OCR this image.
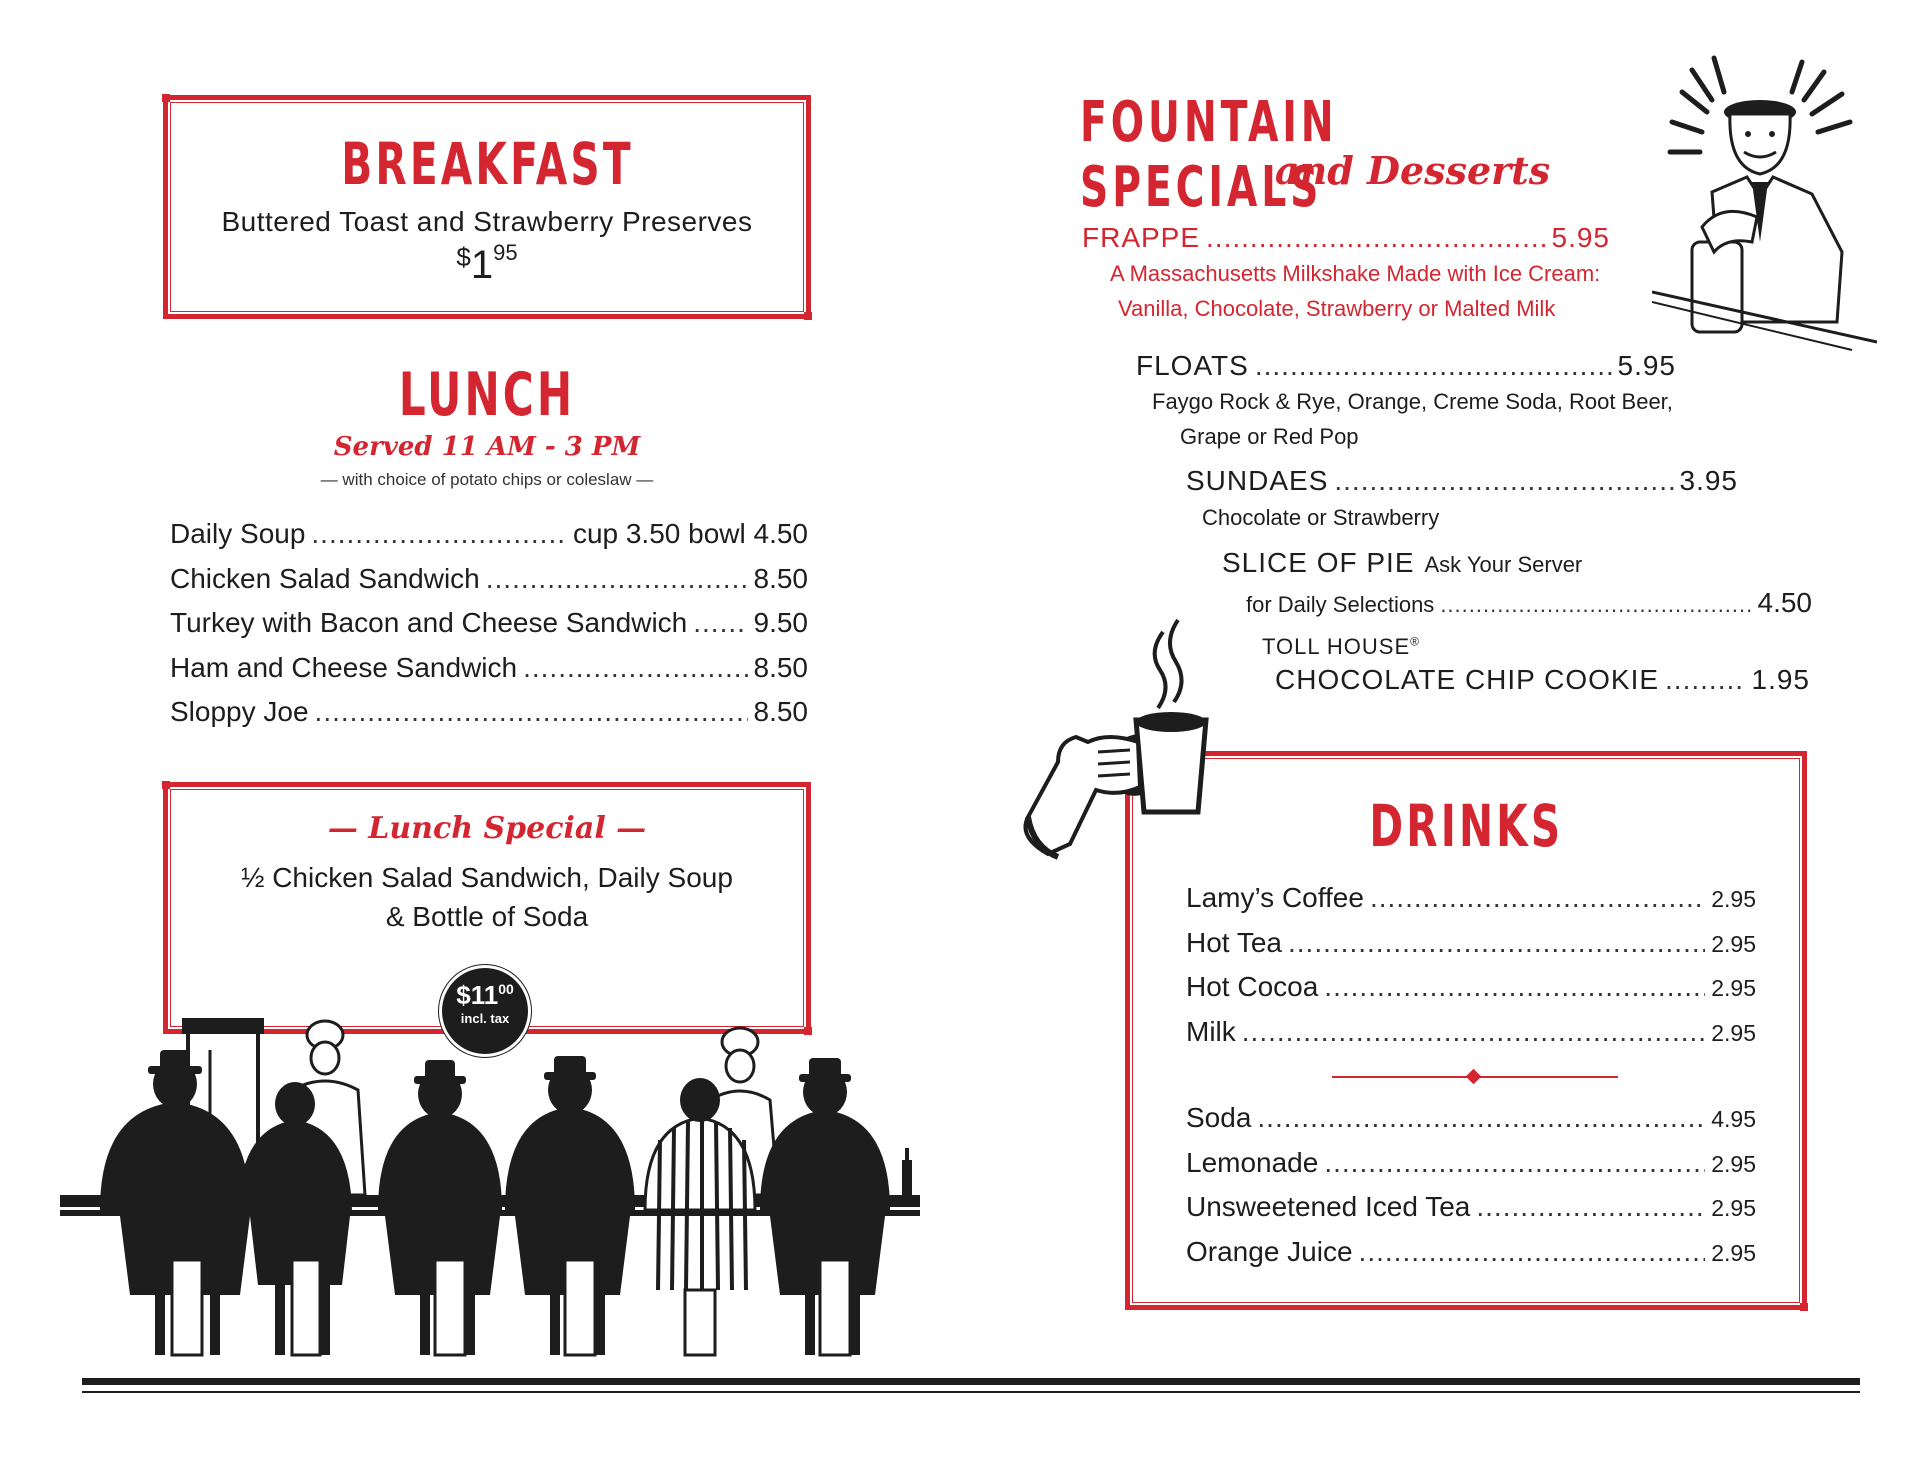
BREAKFAST
Buttered Toast and Strawberry Preserves
$^{\$}1^{95}$
LUNCH
Served 11 AM - 3 PM
— with choice of potato chips or coleslaw —
Daily Soup .....	cup 3.50 bowl 4.50
Chicken Salad Sandwich .....	8.50
Turkey with Bacon and Cheese Sandwich ..... 9.50
Ham and Cheese Sandwich .....	8.50
Sloppy Joe .....	8.50
— Lunch Special —
½ Chicken Salad Sandwich, Daily Soup
& Bottle of Soda
$\$11^{00}$
incl. tax
FOUNTAIN SPECIALS
and Desserts
FRAPPE .....	5.95
A Massachusetts Milkshake Made with Ice Cream:
Vanilla, Chocolate, Strawberry or Malted Milk
FLOATS .....	5.95
Faygo Rock & Rye, Orange, Creme Soda, Root Beer,
Grape or Red Pop
SUNDAES .....	3.95
Chocolate or Strawberry
SLICE OF PIE Ask Your Server
for Daily Selections .....	4.50
TOLL HOUSE®
CHOCOLATE CHIP COOKIE .....	1.95
DRINKS
Lamy’s Coffee .....	2.95
Hot Tea .....	2.95
Hot Cocoa .....	2.95
Milk .....	2.95
Soda .....	4.95
Lemonade .....	2.95
Unsweetened Iced Tea .....	2.95
Orange Juice .....	2.95
